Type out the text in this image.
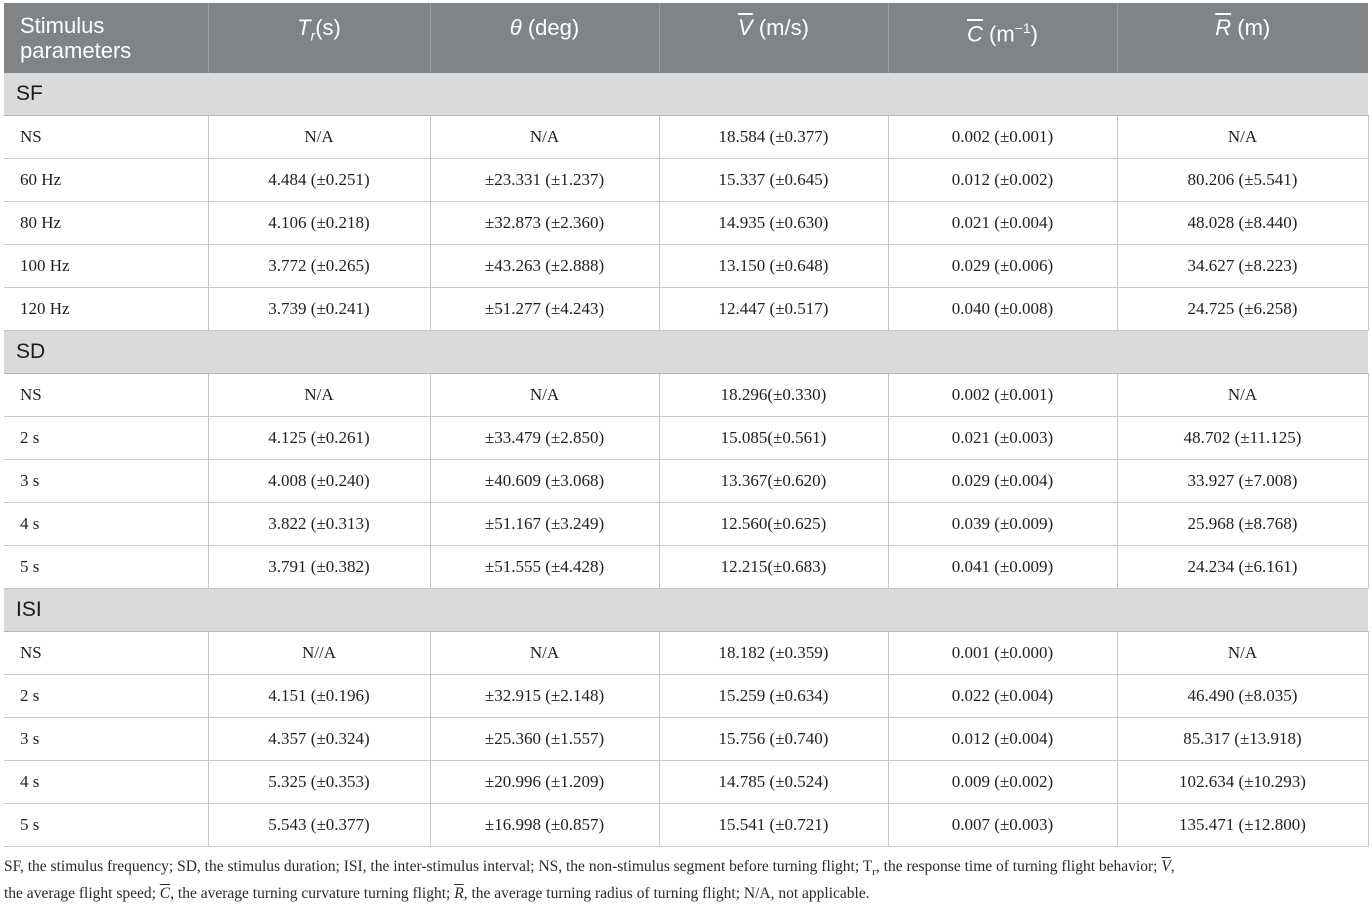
Stimulus parameters	$T_r(s)$	θ (deg)	$\overline{V}$ (m/s)	$\overline{C}$ $(m^{-1})$	$\overline{R}$ (m)
SF					
NS	N/A	N/A	18.584 (±0.377)	0.002 (±0.001)	N/A
60 Hz	4.484 (±0.251)	±23.331 (±1.237)	15.337 (±0.645)	0.012 (±0.002)	80.206 (±5.541)
80 Hz	4.106 (±0.218)	±32.873 (±2.360)	14.935 (±0.630)	0.021 (±0.004)	48.028 (±8.440)
100 Hz	3.772 (±0.265)	±43.263 (±2.888)	13.150 (±0.648)	0.029 (±0.006)	34.627 (±8.223)
120 Hz	3.739 (±0.241)	±51.277 (±4.243)	12.447 (±0.517)	0.040 (±0.008)	24.725 (±6.258)
SD					
NS	N/A	N/A	18.296(±0.330)	0.002 (±0.001)	N/A
2 s	4.125 (±0.261)	±33.479 (±2.850)	15.085(±0.561)	0.021 (±0.003)	48.702 (±11.125)
3 s	4.008 (±0.240)	±40.609 (±3.068)	13.367(±0.620)	0.029 (±0.004)	33.927 (±7.008)
4 s	3.822 (±0.313)	±51.167 (±3.249)	12.560(±0.625)	0.039 (±0.009)	25.968 (±8.768)
5 s	3.791 (±0.382)	±51.555 (±4.428)	12.215(±0.683)	0.041 (±0.009)	24.234 (±6.161)
ISI					
NS	N//A	N/A	18.182 (±0.359)	0.001 (±0.000)	N/A
2 s	4.151 (±0.196)	±32.915 (±2.148)	15.259 (±0.634)	0.022 (±0.004)	46.490 (±8.035)
3 s	4.357 (±0.324)	±25.360 (±1.557)	15.756 (±0.740)	0.012 (±0.004)	85.317 (±13.918)
4 s	5.325 (±0.353)	±20.996 (±1.209)	14.785 (±0.524)	0.009 (±0.002)	102.634 (±10.293)
5 s	5.543 (±0.377)	±16.998 (±0.857)	15.541 (±0.721)	0.007 (±0.003)	135.471 (±12.800)
SF, the stimulus frequency; SD, the stimulus duration; ISI, the inter-stimulus interval; NS, the non-stimulus segment before turning flight; $T_r$, the response time of turning flight behavior; $\overline{V}$,
the average flight speed; $\overline{C}$, the average turning curvature turning flight; $\overline{R}$, the average turning radius of turning flight; N/A, not applicable.
